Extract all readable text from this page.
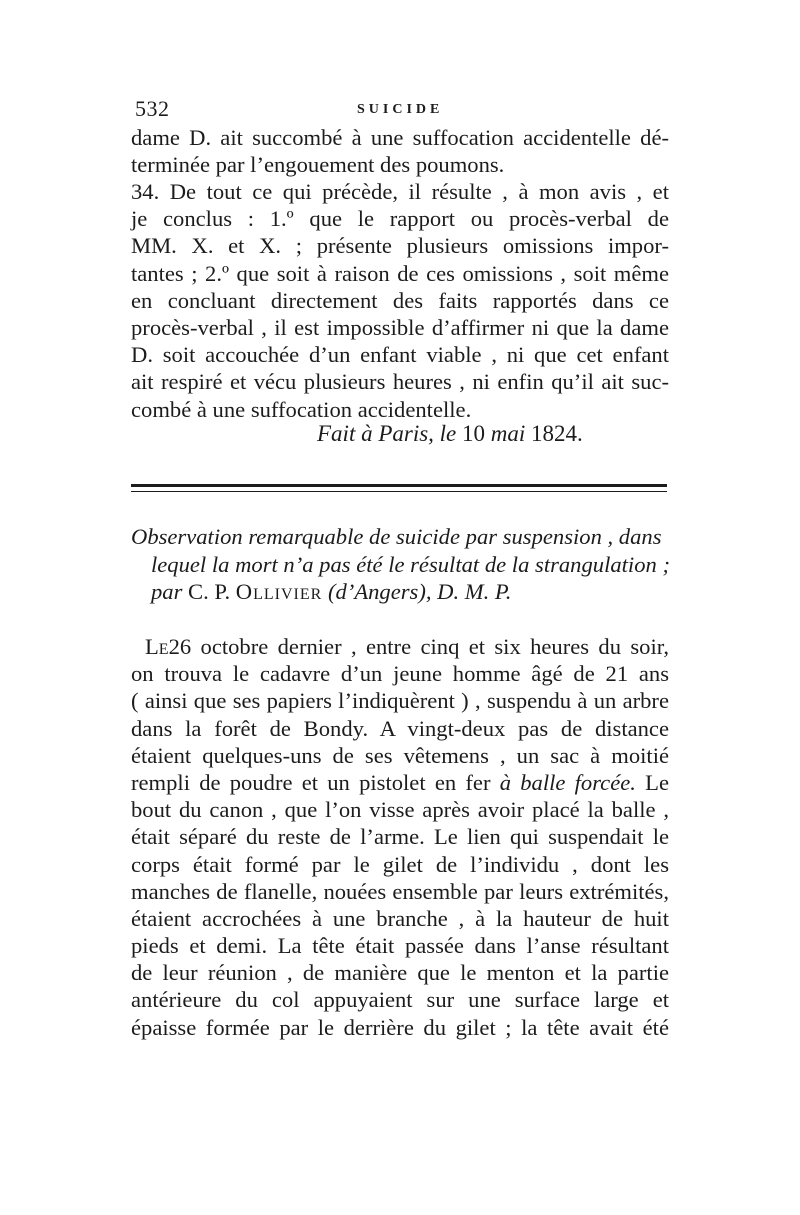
532	SUICIDE
dame D. ait succombé à une suffocation accidentelle dé-
terminée par l’engouement des poumons.
34. De tout ce qui précède, il résulte , à mon avis , et
je conclus : 1.º que le rapport ou procès-verbal de
MM. X. et X. ; présente plusieurs omissions impor-
tantes ; 2.º que soit à raison de ces omissions , soit même
en concluant directement des faits rapportés dans ce
procès-verbal , il est impossible d’affirmer ni que la dame
D. soit accouchée d’un enfant viable , ni que cet enfant
ait respiré et vécu plusieurs heures , ni enfin qu’il ait suc-
combé à une suffocation accidentelle.
Fait à Paris, le 10 mai 1824.
Observation remarquable de suicide par suspension , dans
lequel la mort n’a pas été le résultat de la strangulation ;
par C. P. Ollivier (d’Angers), D. M. P.
Le26 octobre dernier , entre cinq et six heures du soir,
on trouva le cadavre d’un jeune homme âgé de 21 ans
( ainsi que ses papiers l’indiquèrent ) , suspendu à un arbre
dans la forêt de Bondy. A vingt-deux pas de distance
étaient quelques-uns de ses vêtemens , un sac à moitié
rempli de poudre et un pistolet en fer à balle forcée. Le
bout du canon , que l’on visse après avoir placé la balle ,
était séparé du reste de l’arme. Le lien qui suspendait le
corps était formé par le gilet de l’individu , dont les
manches de flanelle, nouées ensemble par leurs extrémités,
étaient accrochées à une branche , à la hauteur de huit
pieds et demi. La tête était passée dans l’anse résultant
de leur réunion , de manière que le menton et la partie
antérieure du col appuyaient sur une surface large et
épaisse formée par le derrière du gilet ; la tête avait été
